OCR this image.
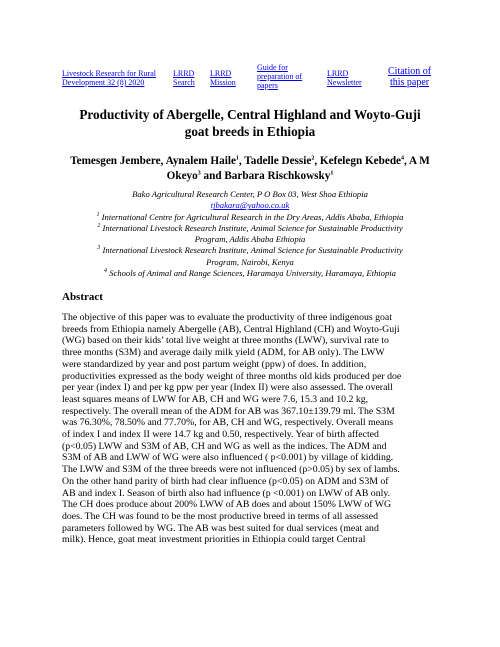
Livestock Research for Rural
Development 32 (8) 2020
LRRD
Search
LRRD
Mission
Guide for
preparation of
papers
LRRD
Newsletter
Citation of
this paper
Productivity of Abergelle, Central Highland and Woyto-Guji
goat breeds in Ethiopia

Temesgen Jembere, Aynalem Haile$^1$, Tadelle Dessie$^2$, Kefelegn Kebede$^4$, A M
Okeyo$^3$ and Barbara Rischkowsky$^1$

Bako Agricultural Research Center, P O Box 03, West Shoa Ethiopia
tjbakara@yahoo.co.uk
$^1$ International Centre for Agricultural Research in the Dry Areas, Addis Ababa, Ethiopia
$^2$ International Livestock Research Institute, Animal Science for Sustainable Productivity
Program, Addis Ababa Ethiopia
$^3$ International Livestock Research Institute, Animal Science for Sustainable Productivity
Program, Nairobi, Kenya
$^4$ Schools of Animal and Range Sciences, Haramaya University, Haramaya, Ethiopia
Abstract
The objective of this paper was to evaluate the productivity of three indigenous goat
breeds from Ethiopia namely Abergelle (AB), Central Highland (CH) and Woyto-Guji
(WG) based on their kids’ total live weight at three months (LWW), survival rate to
three months (S3M) and average daily milk yield (ADM, for AB only). The LWW
were standardized by year and post partum weight (ppw) of does. In addition,
productivities expressed as the body weight of three months old kids produced per doe
per year (index I) and per kg ppw per year (Index II) were also assessed. The overall
least squares means of LWW for AB, CH and WG were 7.6, 15.3 and 10.2 kg,
respectively. The overall mean of the ADM for AB was 367.10±139.79 ml. The S3M
was 76.30%, 78.50% and 77.70%, for AB, CH and WG, respectively. Overall means
of index I and index II were 14.7 kg and 0.50, respectively. Year of birth affected
(p<0.05) LWW and S3M of AB, CH and WG as well as the indices. The ADM and
S3M of AB and LWW of WG were also influenced ( p<0.001) by village of kidding.
The LWW and S3M of the three breeds were not influenced (p>0.05) by sex of lambs.
On the other hand parity of birth had clear influence (p<0.05) on ADM and S3M of
AB and index I. Season of birth also had influence (p <0.001) on LWW of AB only.
The CH does produce about 200% LWW of AB does and about 150% LWW of WG
does. The CH was found to be the most productive breed in terms of all assessed
parameters followed by WG. The AB was best suited for dual services (meat and
milk). Hence, goat meat investment priorities in Ethiopia could target Central
